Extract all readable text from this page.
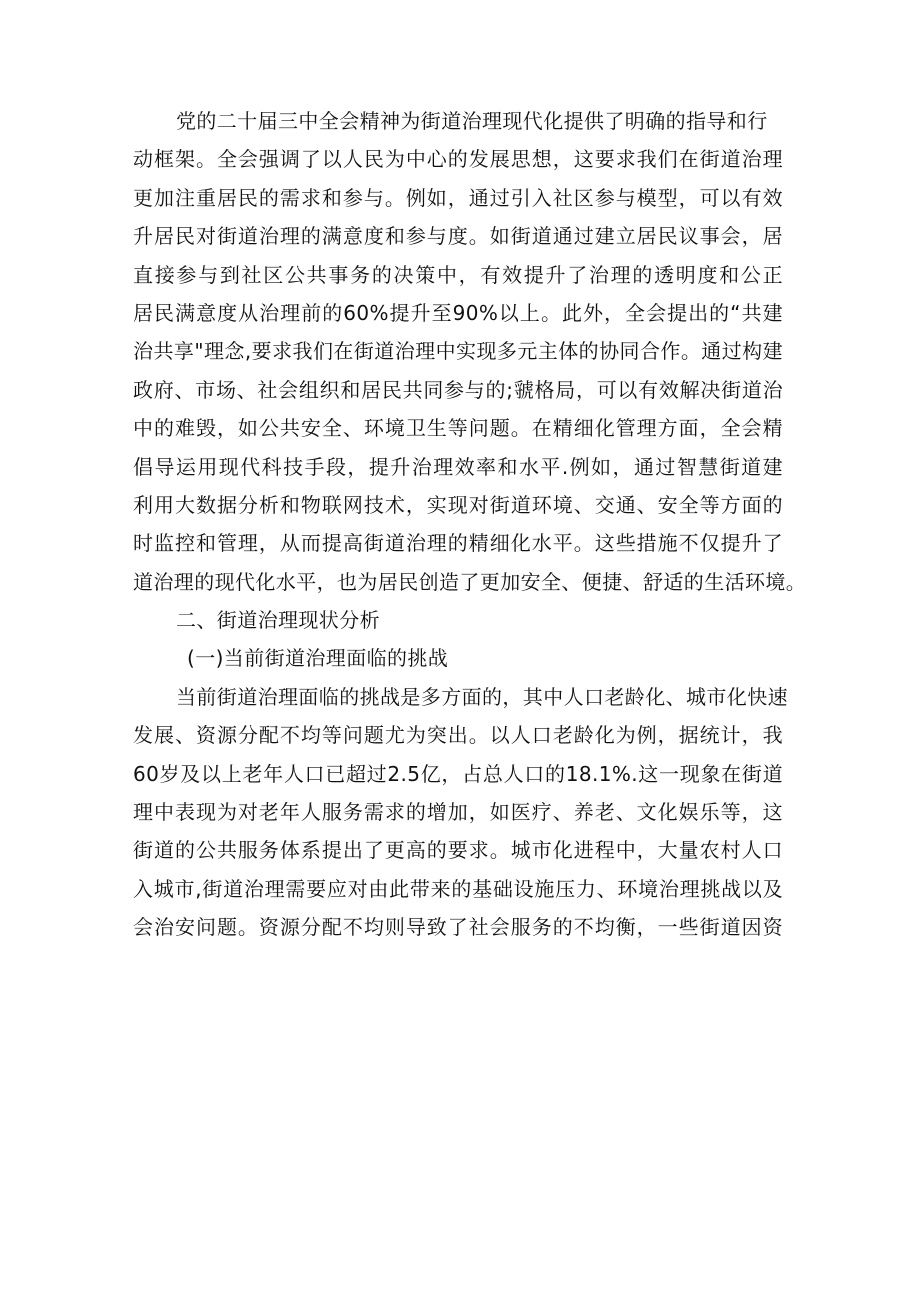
党的二十届三中全会精神为街道治理现代化提供了明确的指导和行
动框架。全会强调了以人民为中心的发展思想，这要求我们在街道治理
更加注重居民的需求和参与。例如，通过引入社区参与模型，可以有效
升居民对街道治理的满意度和参与度。如街道通过建立居民议事会，居
直接参与到社区公共事务的决策中，有效提升了治理的透明度和公正
居民满意度从治理前的60%提升至90%以上。此外，全会提出的“共建
治共享"理念,要求我们在街道治理中实现多元主体的协同合作。通过构建
政府、市场、社会组织和居民共同参与的;虢格局，可以有效解决街道治
中的难毁，如公共安全、环境卫生等问题。在精细化管理方面，全会精
倡导运用现代科技手段，提升治理效率和水平.例如，通过智慧街道建
利用大数据分析和物联网技术，实现对街道环境、交通、安全等方面的
时监控和管理，从而提高街道治理的精细化水平。这些措施不仅提升了
道治理的现代化水平，也为居民创造了更加安全、便捷、舒适的生活环境。
二、街道治理现状分析
(一)当前街道治理面临的挑战
当前街道治理面临的挑战是多方面的，其中人口老龄化、城市化快速
发展、资源分配不均等问题尤为突出。以人口老龄化为例，据统计，我
60岁及以上老年人口已超过2.5亿，占总人口的18.1%.这一现象在街道
理中表现为对老年人服务需求的增加，如医疗、养老、文化娱乐等，这
街道的公共服务体系提出了更高的要求。城市化进程中，大量农村人口
入城市,街道治理需要应对由此带来的基础设施压力、环境治理挑战以及
会治安问题。资源分配不均则导致了社会服务的不均衡，一些街道因资
